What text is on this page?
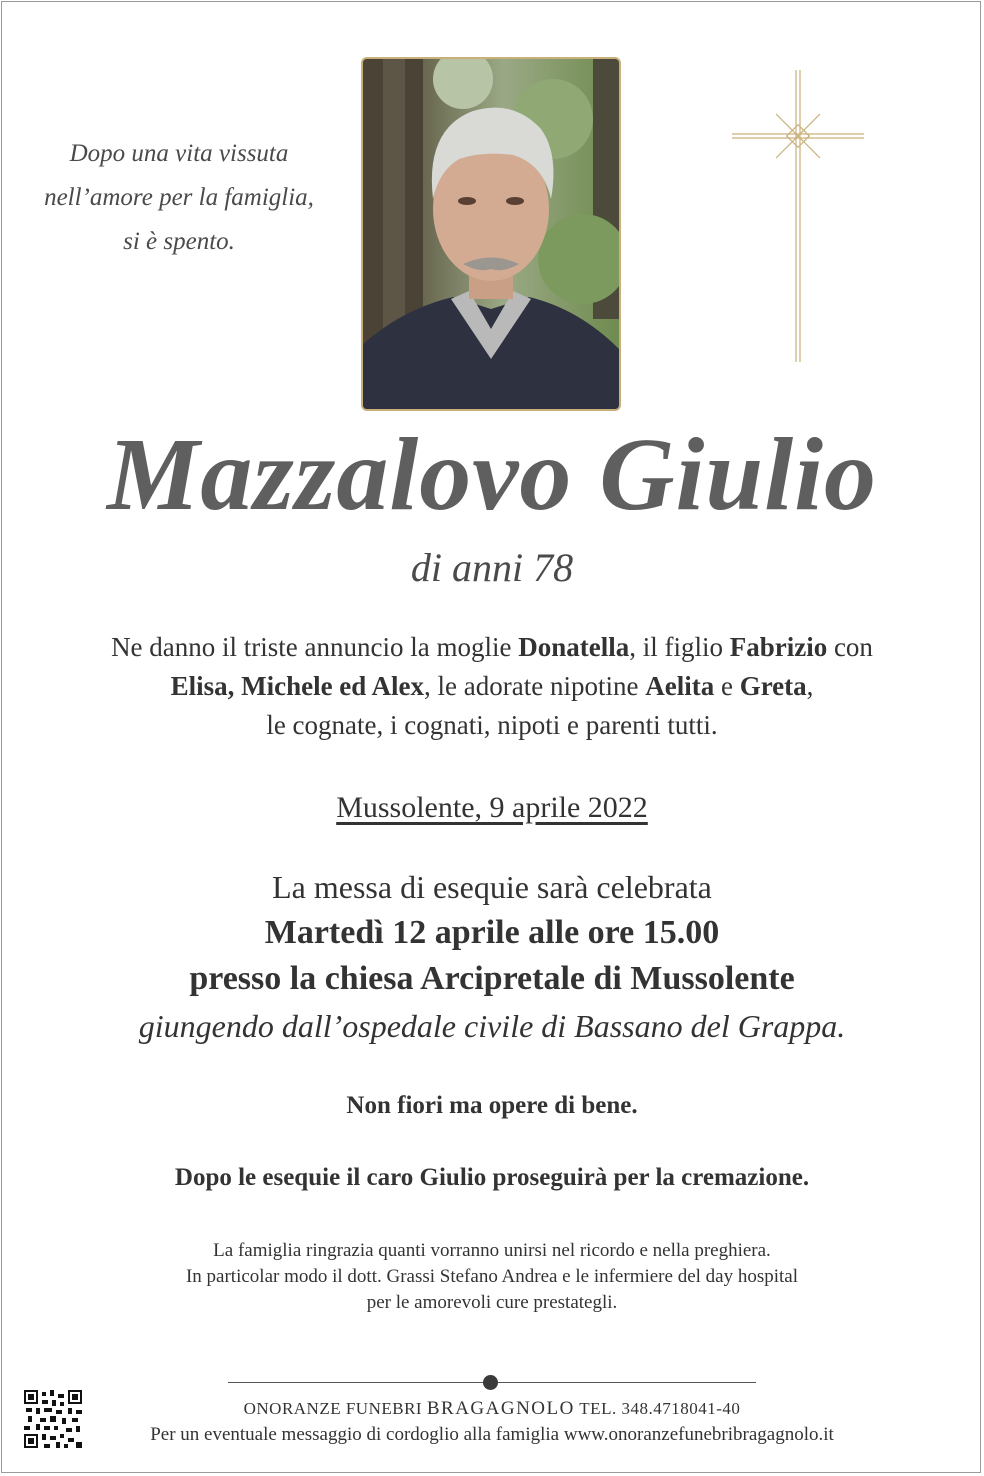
Dopo una vita vissuta
nell’amore per la famiglia,
si è spento.
Mazzalovo Giulio
di anni 78
Ne danno il triste annuncio la moglie Donatella, il figlio Fabrizio con
Elisa, Michele ed Alex, le adorate nipotine Aelita e Greta,
le cognate, i cognati, nipoti e parenti tutti.
Mussolente, 9 aprile 2022
La messa di esequie sarà celebrata
Martedì 12 aprile alle ore 15.00
presso la chiesa Arcipretale di Mussolente
giungendo dall’ospedale civile di Bassano del Grappa.
Non fiori ma opere di bene.
Dopo le esequie il caro Giulio proseguirà per la cremazione.
La famiglia ringrazia quanti vorranno unirsi nel ricordo e nella preghiera.
In particolar modo il dott. Grassi Stefano Andrea e le infermiere del day hospital
per le amorevoli cure prestategli.
ONORANZE FUNEBRI BRAGAGNOLO TEL. 348.4718041-40
Per un eventuale messaggio di cordoglio alla famiglia www.onoranzefunebribragagnolo.it
